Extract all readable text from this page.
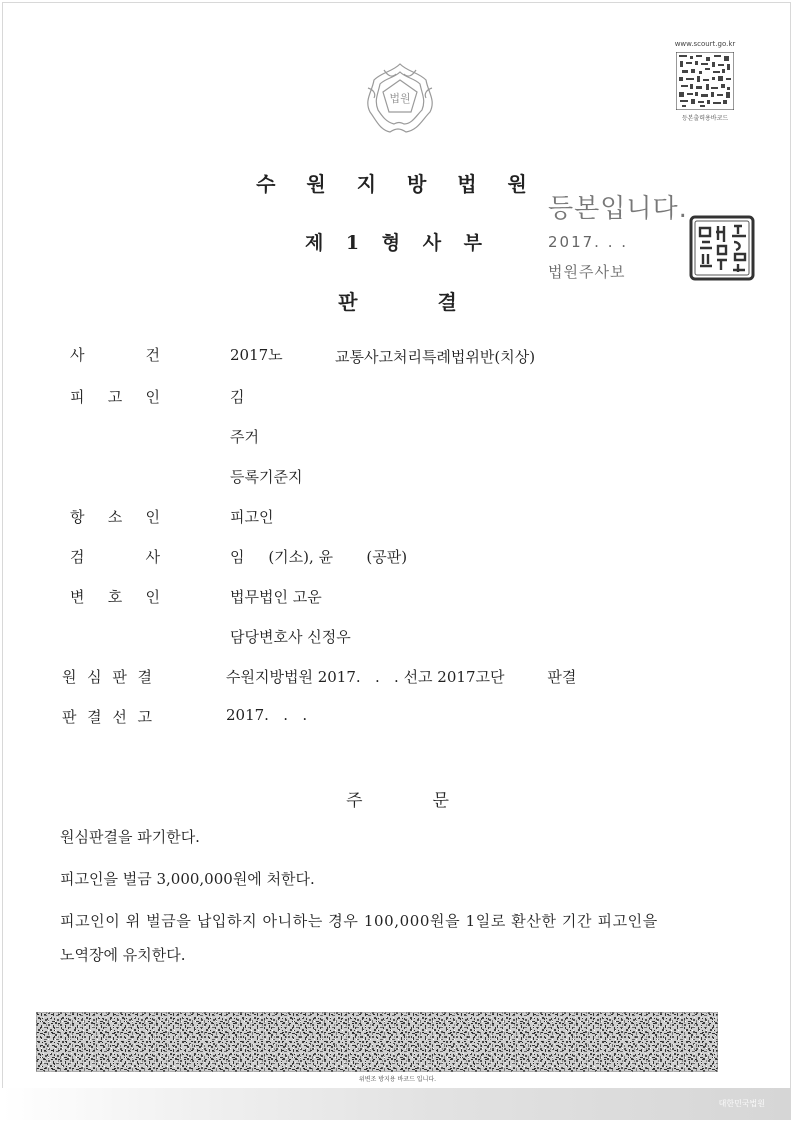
법원
www.scourt.go.kr
등본출력용바코드
수 원 지 방 법 원
제 1 형 사 부
판	결
등본입니다.
2017. . .
법원주사보
사	건	2017노	교통사고처리특례법위반(치상)
피 고 인	김
주거
등록기준지
항 소 인	피고인
검	사	임     (기소), 윤       (공판)
변 호 인	법무법인 고운
담당변호사 신정우
원 심 판 결	수원지방법원 2017.   .   . 선고 2017고단         판결
판 결 선 고	2017.   .   .
주	문
원심판결을 파기한다.
피고인을 벌금 3,000,000원에 처한다.
피고인이 위 벌금을 납입하지 아니하는 경우 100,000원을 1일로 환산한 기간 피고인을
노역장에 유치한다.
위변조 방지용 바코드 입니다.
대한민국법원
